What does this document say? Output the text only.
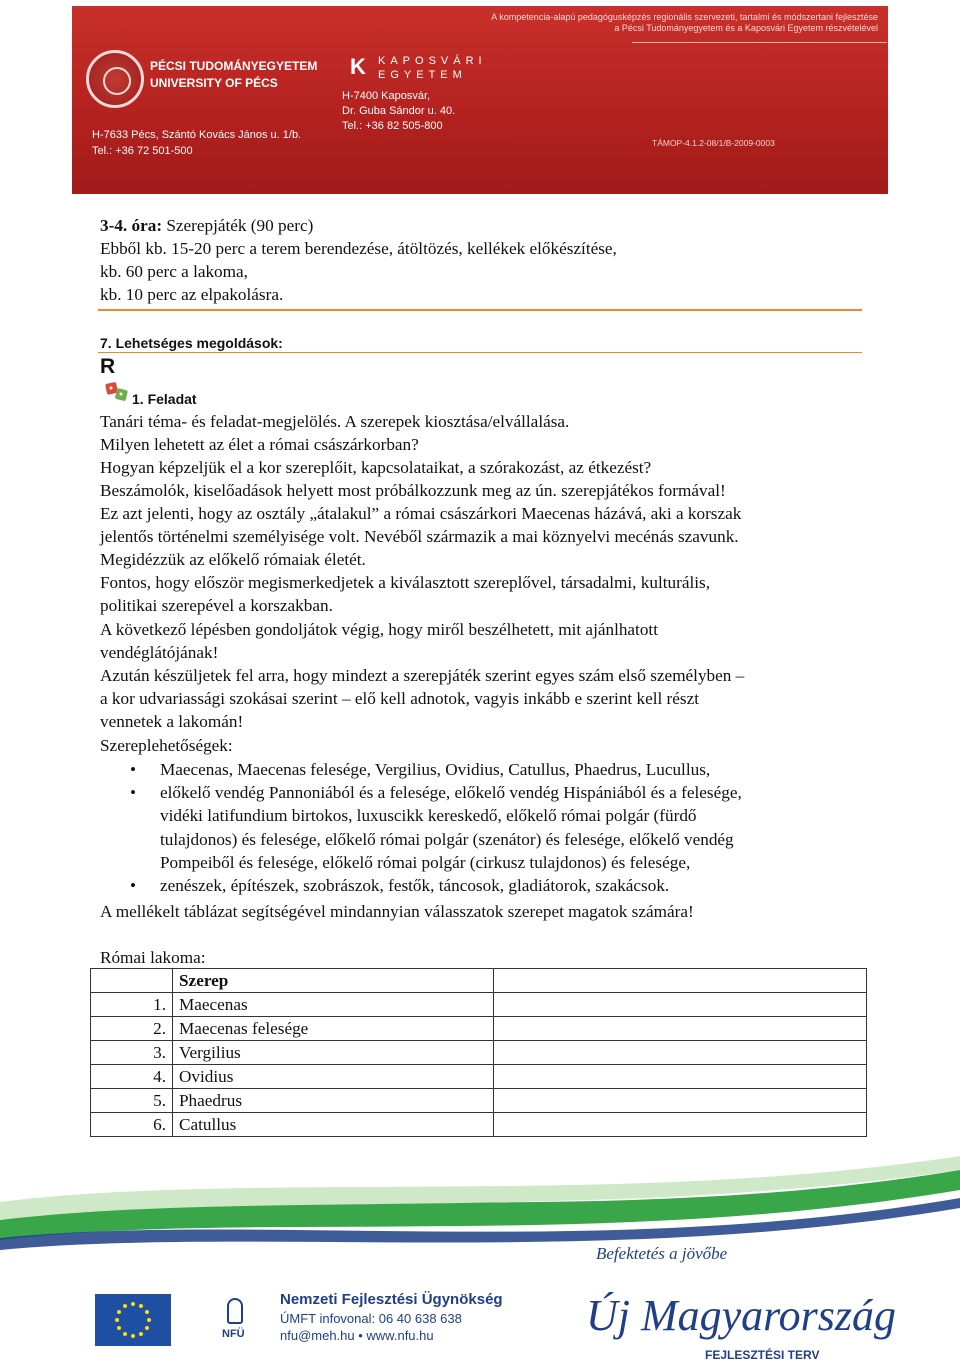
A kompetencia-alapú pedagógusképzés regionális szervezeti, tartalmi és módszertani fejlesztése
a Pécsi Tudományegyetem és a Kaposvári Egyetem részvételével
PÉCSI TUDOMÁNYEGYETEM
UNIVERSITY OF PÉCS
K KAPOSVÁRI
EGYETEM
H-7400 Kaposvár,
Dr. Guba Sándor u. 40.
Tel.: +36 82 505-800
H-7633 Pécs, Szántó Kovács János u. 1/b.
Tel.: +36 72 501-500
TÁMOP-4.1.2-08/1/B-2009-0003
3-4. óra: Szerepjáték (90 perc)
Ebből kb. 15-20 perc a terem berendezése, átöltözés, kellékek előkészítése,
kb. 60 perc a lakoma,
kb. 10 perc az elpakolásra.
7. Lehetséges megoldások:
R
1. Feladat
Tanári téma- és feladat-megjelölés. A szerepek kiosztása/elvállalása.
Milyen lehetett az élet a római császárkorban?
Hogyan képzeljük el a kor szereplőit, kapcsolataikat, a szórakozást, az étkezést?
Beszámolók, kiselőadások helyett most próbálkozzunk meg az ún. szerepjátékos formával!
Ez azt jelenti, hogy az osztály „átalakul” a római császárkori Maecenas házává, aki a korszak
jelentős történelmi személyisége volt. Nevéből származik a mai köznyelvi mecénás szavunk.
Megidézzük az előkelő rómaiak életét.
Fontos, hogy először megismerkedjetek a kiválasztott szereplővel, társadalmi, kulturális,
politikai szerepével a korszakban.
A következő lépésben gondoljátok végig, hogy miről beszélhetett, mit ajánlhatott
vendéglátójának!
Azután készüljetek fel arra, hogy mindezt a szerepjáték szerint egyes szám első személyben –
a kor udvariassági szokásai szerint – elő kell adnotok, vagyis inkább e szerint kell részt
vennetek a lakomán!
Szereplehetőségek:
• Maecenas, Maecenas felesége, Vergilius, Ovidius, Catullus, Phaedrus, Lucullus,
• előkelő vendég Pannoniából és a felesége, előkelő vendég Hispániából és a felesége,
vidéki latifundium birtokos, luxuscikk kereskedő, előkelő római polgár (fürdő
tulajdonos) és felesége, előkelő római polgár (szenátor) és felesége, előkelő vendég
Pompeiből és felesége, előkelő római polgár (cirkusz tulajdonos) és felesége,
• zenészek, építészek, szobrászok, festők, táncosok, gladiátorok, szakácsok.
A mellékelt táblázat segítségével mindannyian válasszatok szerepet magatok számára!
Római lakoma:
	Szerep	
1.	Maecenas	
2.	Maecenas felesége	
3.	Vergilius	
4.	Ovidius	
5.	Phaedrus	
6.	Catullus	
Befektetés a jövőbe
NFÜ
Nemzeti Fejlesztési Ügynökség
ÚMFT infovonal: 06 40 638 638
nfu@meh.hu • www.nfu.hu	Új Magyarország
FEJLESZTÉSI TERV
